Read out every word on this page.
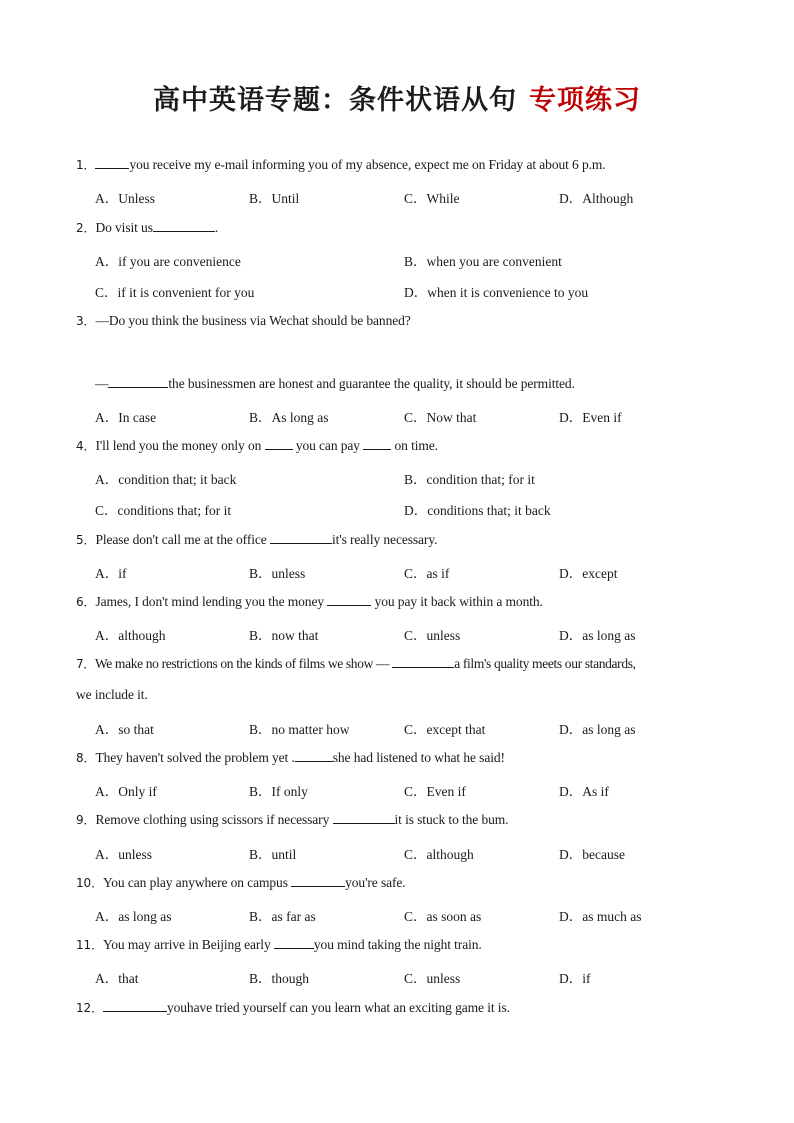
高中英语专题：条件状语从句 专项练习
1．	you receive my e-mail informing you of my absence, expect me on Friday at about 6 p.m.
A．Unless	B．Until	C．While	D．Although
2．Do visit us	.
A．if you are convenience	B．when you are convenient
C．if it is convenient for you	D．when it is convenience to you
3．—Do you think the business via Wechat should be banned?
—	the businessmen are honest and guarantee the quality, it should be permitted.
A．In case	B．As long as	C．Now that	D．Even if
4．I'll lend you the money only on	you can pay	on time.
A．condition that; it back	B．condition that; for it
C．conditions that; for it	D．conditions that; it back
5．Please don't call me at the office	it's really necessary.
A．if	B．unless	C．as if	D．except
6．James, I don't mind lending you the money	you pay it back within a month.
A．although	B．now that	C．unless	D．as long as
7．We make no restrictions on the kinds of films we show —	a film's quality meets our standards,
we include it.
A．so that	B．no matter how	C．except that	D．as long as
8．They haven't solved the problem yet .	she had listened to what he said!
A．Only if	B．If only	C．Even if	D．As if
9．Remove clothing using scissors if necessary	it is stuck to the bum.
A．unless	B．until	C．although	D．because
10．You can play anywhere on campus	you're safe.
A．as long as	B．as far as	C．as soon as	D．as much as
11．You may arrive in Beijing early	you mind taking the night train.
A．that	B．though	C．unless	D．if
12．	youhave tried yourself can you learn what an exciting game it is.
